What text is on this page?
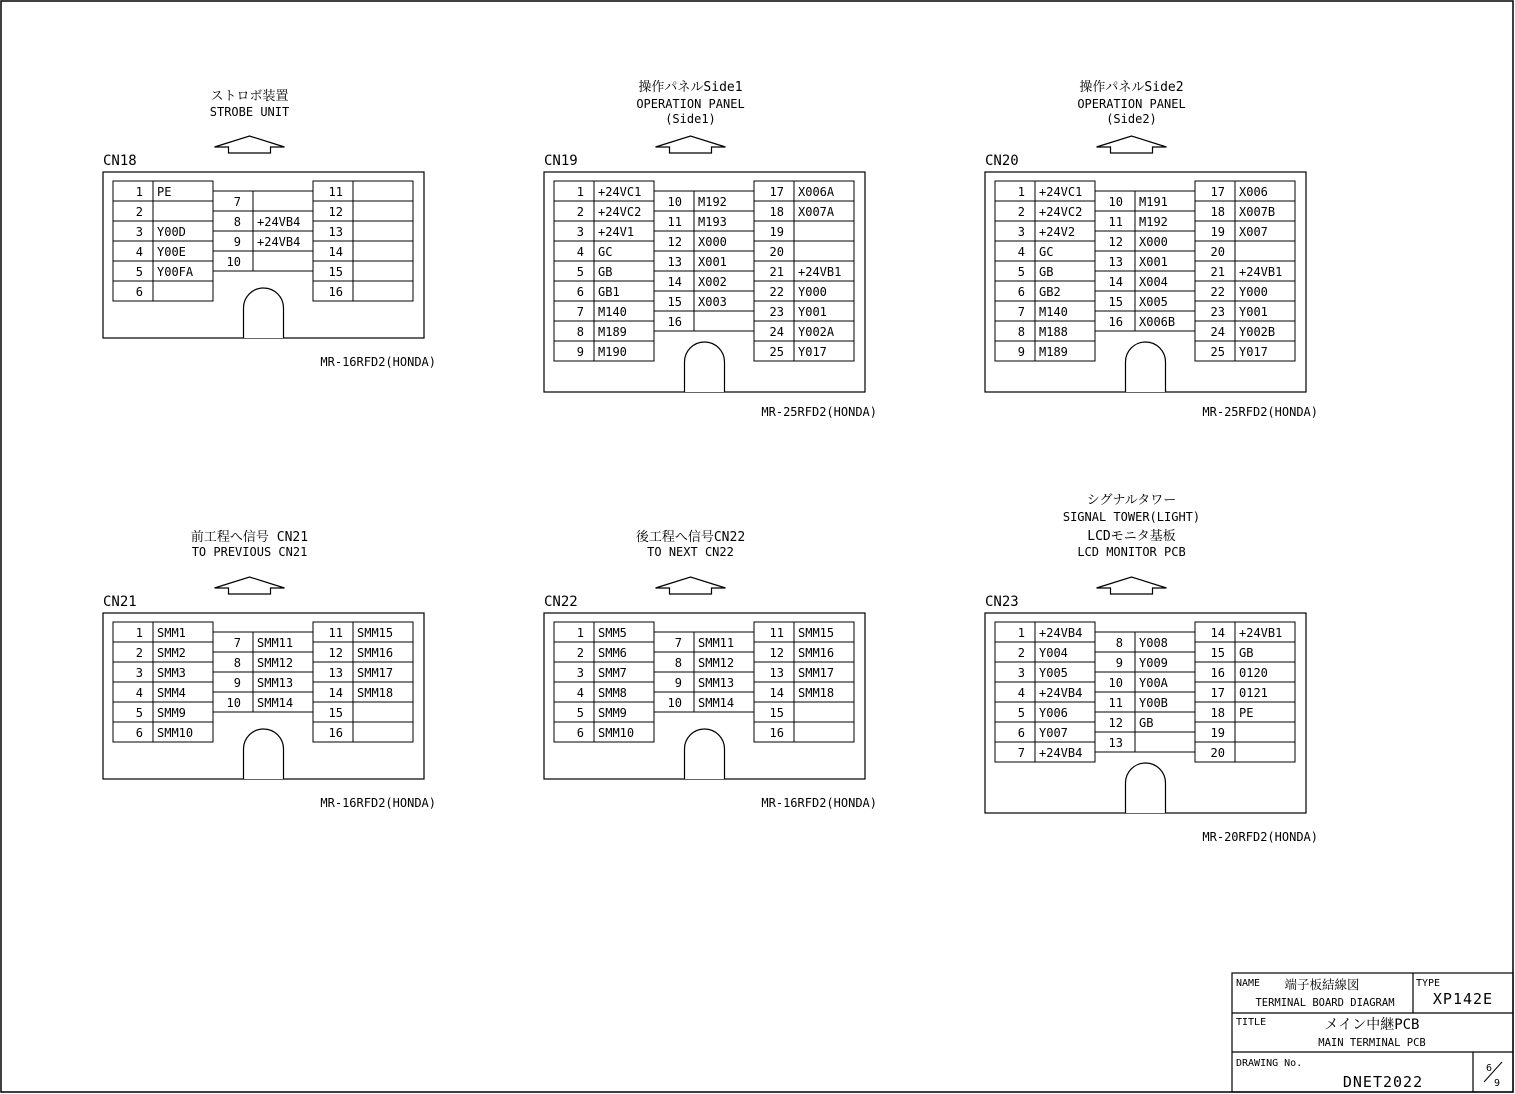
ストロボ装置
STROBE UNIT
CN18
1 PE
2
3 Y00D
4 Y00E
5 Y00FA
6
11
12
13
14
15
16
7
8 +24VB4
9 +24VB4
10
MR-16RFD2(HONDA)
操作パネルSide1
OPERATION PANEL
(Side1)
CN19
1 +24VC1
2 +24VC2
3 +24V1
4 GC
5 GB
6 GB1
7 M140
8 M189
9 M190
17 X006A
18 X007A
19
20
21 +24VB1
22 Y000
23 Y001
24 Y002A
25 Y017
10 M192
11 M193
12 X000
13 X001
14 X002
15 X003
16
MR-25RFD2(HONDA)
操作パネルSide2
OPERATION PANEL
(Side2)
CN20
1 +24VC1
2 +24VC2
3 +24V2
4 GC
5 GB
6 GB2
7 M140
8 M188
9 M189
17 X006
18 X007B
19 X007
20
21 +24VB1
22 Y000
23 Y001
24 Y002B
25 Y017
10 M191
11 M192
12 X000
13 X001
14 X004
15 X005
16 X006B
MR-25RFD2(HONDA)
前工程へ信号 CN21
TO PREVIOUS CN21
CN21
1 SMM1
2 SMM2
3 SMM3
4 SMM4
5 SMM9
6 SMM10
11 SMM15
12 SMM16
13 SMM17
14 SMM18
15
16
7 SMM11
8 SMM12
9 SMM13
10 SMM14
MR-16RFD2(HONDA)
後工程へ信号CN22
TO NEXT CN22
CN22
1 SMM5
2 SMM6
3 SMM7
4 SMM8
5 SMM9
6 SMM10
11 SMM15
12 SMM16
13 SMM17
14 SMM18
15
16
7 SMM11
8 SMM12
9 SMM13
10 SMM14
MR-16RFD2(HONDA)
シグナルタワー
SIGNAL TOWER(LIGHT)
LCDモニタ基板
LCD MONITOR PCB
CN23
1 +24VB4
2 Y004
3 Y005
4 +24VB4
5 Y006
6 Y007
7 +24VB4
14 +24VB1
15 GB
16 0120
17 0121
18 PE
19
20
8 Y008
9 Y009
10 Y00A
11 Y00B
12 GB
13
MR-20RFD2(HONDA)
NAME 端子板結線図
TERMINAL BOARD DIAGRAM
TYPE
XP142E
TITLE	メイン中継PCB
MAIN TERMINAL PCB
DRAWING No.
DNET2022
6
9
